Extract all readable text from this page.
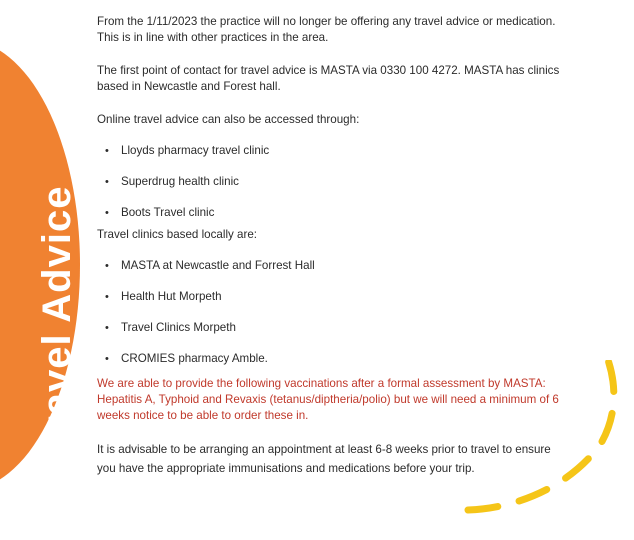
Travel Advice

From the 1/11/2023 the practice will no longer be offering any travel advice or medication. This is in line with other practices in the area.

The first point of contact for travel advice is MASTA via 0330 100 4272. MASTA has clinics based in Newcastle and Forest hall.

Online travel advice can also be accessed through:

• Lloyds pharmacy travel clinic
• Superdrug health clinic
• Boots Travel clinic

Travel clinics based locally are:

• MASTA at Newcastle and Forrest Hall
• Health Hut Morpeth
• Travel Clinics Morpeth
• CROMIES pharmacy Amble.

We are able to provide the following vaccinations after a formal assessment by MASTA: Hepatitis A, Typhoid and Revaxis (tetanus/diptheria/polio) but we will need a minimum of 6 weeks notice to be able to order these in.

It is advisable to be arranging an appointment at least 6-8 weeks prior to travel to ensure you have the appropriate immunisations and medications before your trip.
